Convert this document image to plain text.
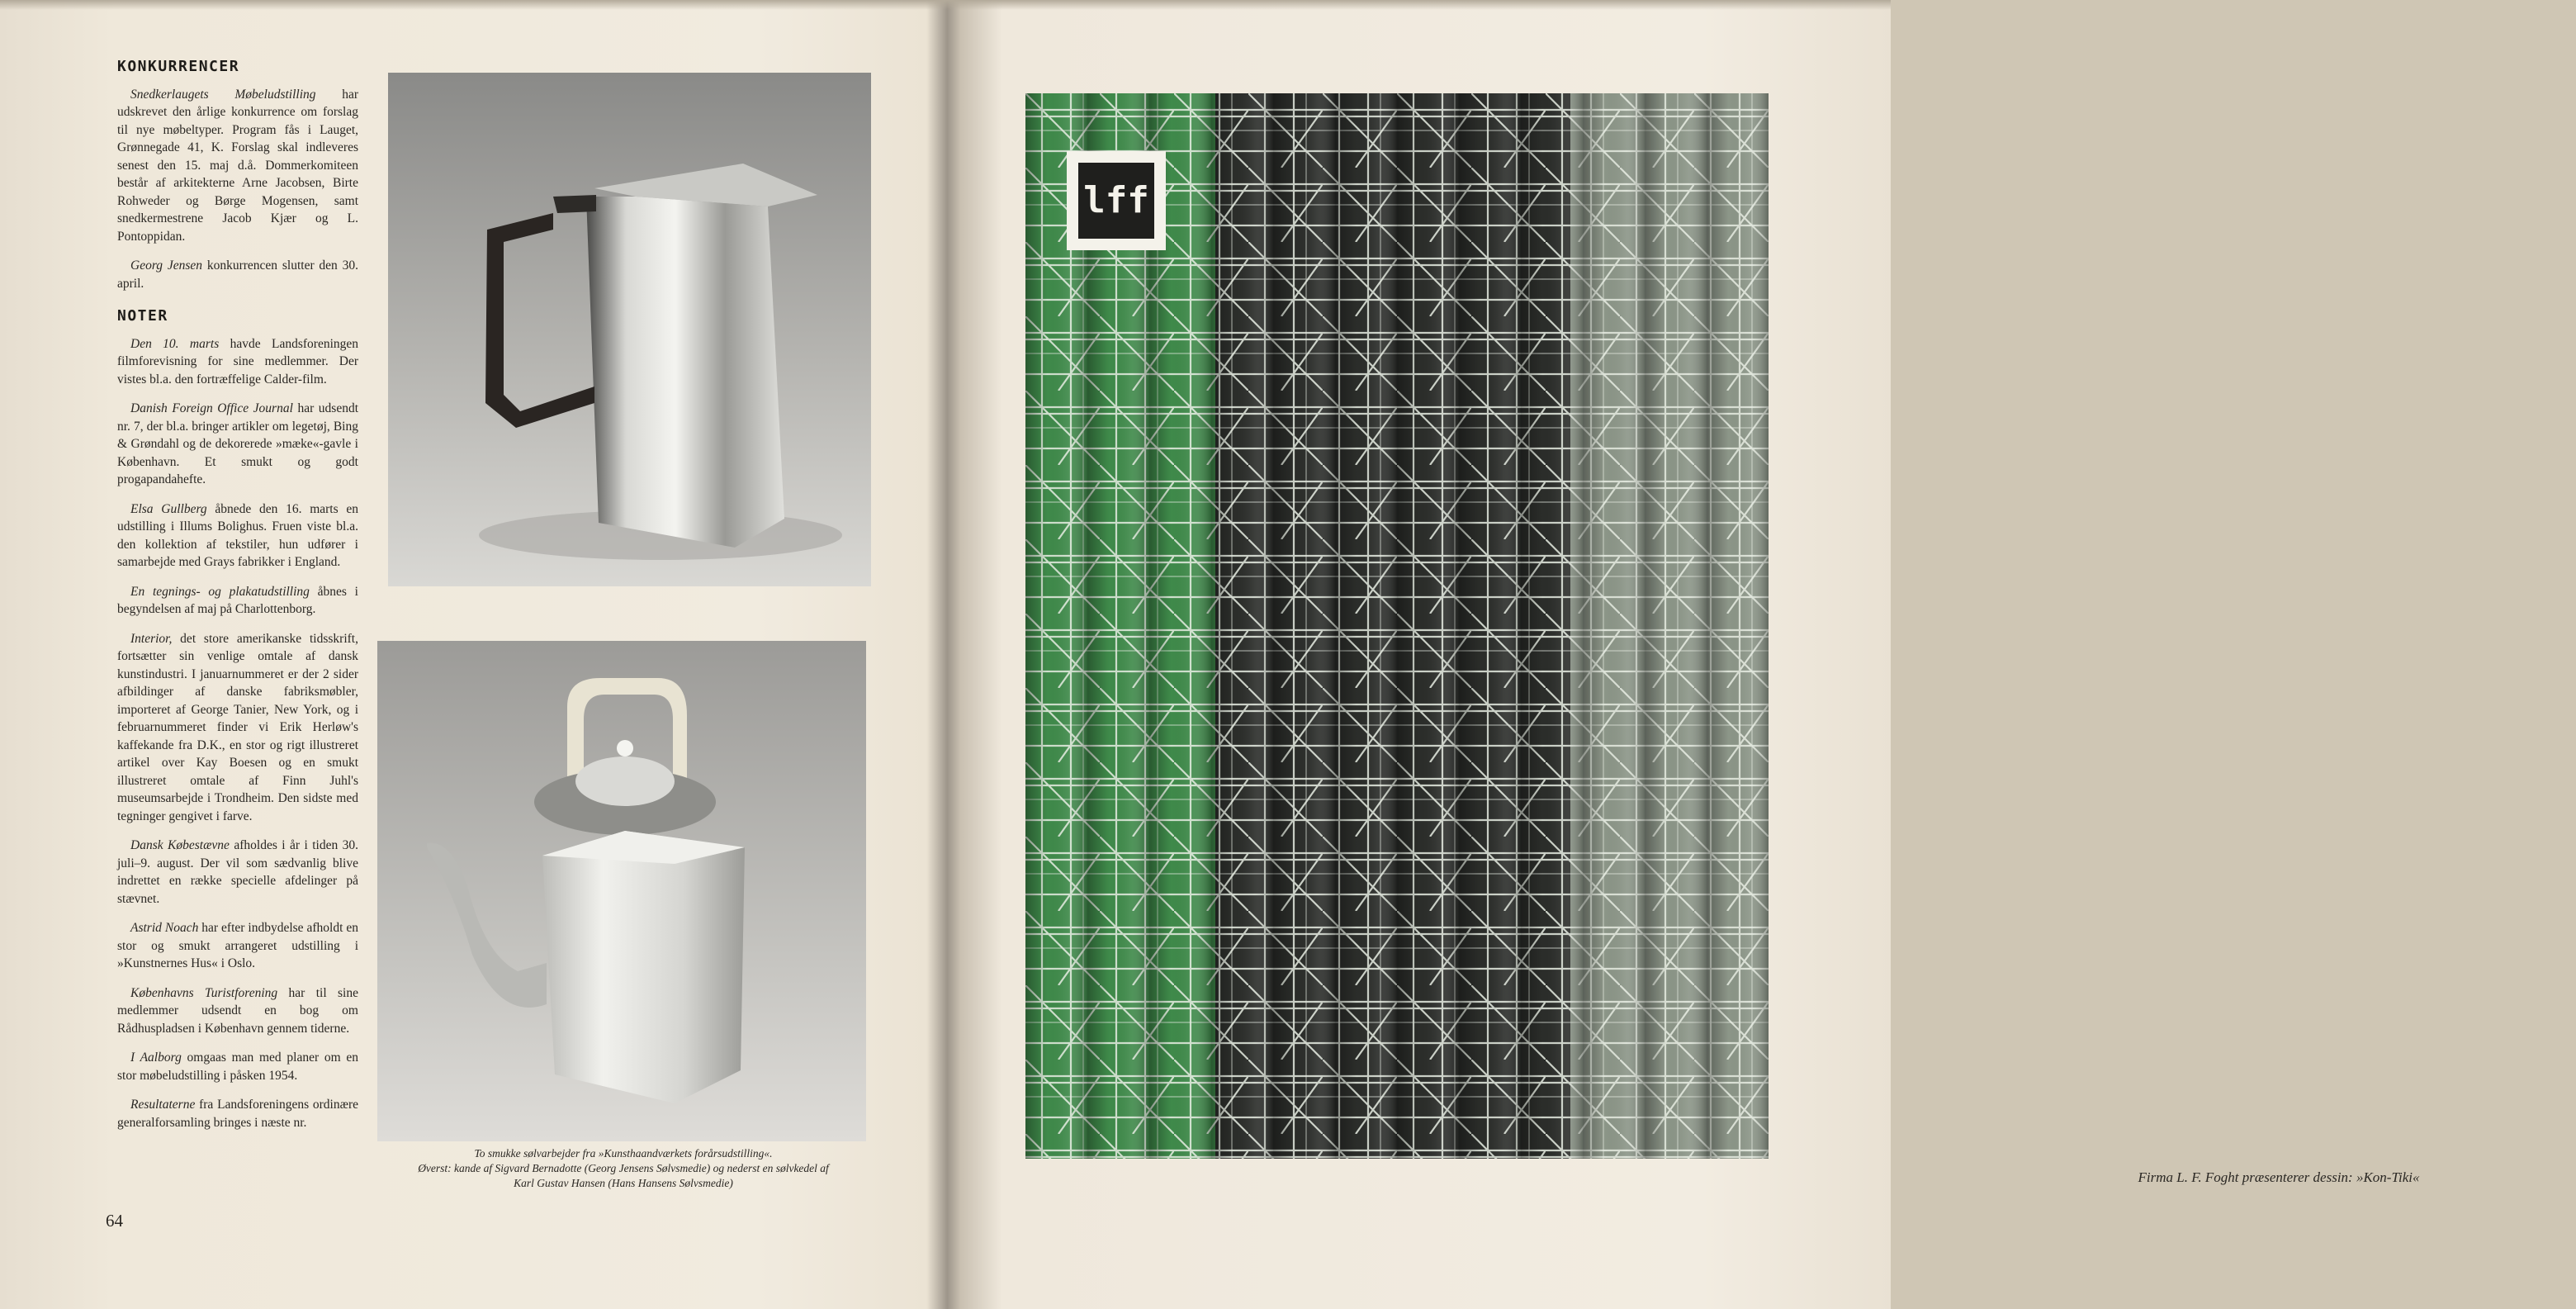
KONKURRENCER

Snedkerlaugets Møbeludstilling har udskrevet den årlige konkurrence om forslag til nye møbeltyper. Program fås i Lauget, Grønnegade 41, K. Forslag skal indleveres senest den 15. maj d.å. Dommerkomiteen består af arkitekterne Arne Jacobsen, Birte Rohweder og Børge Mogensen, samt snedkermestrene Jacob Kjær og L. Pontoppidan.

Georg Jensen konkurrencen slutter den 30. april.

NOTER

Den 10. marts havde Landsforeningen filmforevisning for sine medlemmer. Der vistes bl.a. den fortræffelige Calder-film.

Danish Foreign Office Journal har udsendt nr. 7, der bl.a. bringer artikler om legetøj, Bing & Grøndahl og de dekorerede »mæke«-gavle i København. Et smukt og godt progapandahefte.

Elsa Gullberg åbnede den 16. marts en udstilling i Illums Bolighus. Fruen viste bl.a. den kollektion af tekstiler, hun udfører i samarbejde med Grays fabrikker i England.

En tegnings- og plakatudstilling åbnes i begyndelsen af maj på Charlottenborg.

Interior, det store amerikanske tidsskrift, fortsætter sin venlige omtale af dansk kunstindustri. I januarnummeret er der 2 sider afbildinger af danske fabriksmøbler, importeret af George Tanier, New York, og i februarnummeret finder vi Erik Herløw's kaffekande fra D.K., en stor og rigt illustreret artikel over Kay Boesen og en smukt illustreret omtale af Finn Juhl's museumsarbejde i Trondheim. Den sidste med tegninger gengivet i farve.

Dansk Købestævne afholdes i år i tiden 30. juli–9. august. Der vil som sædvanlig blive indrettet en række specielle afdelinger på stævnet.

Astrid Noach har efter indbydelse afholdt en stor og smukt arrangeret udstilling i »Kunstnernes Hus« i Oslo.

Københavns Turistforening har til sine medlemmer udsendt en bog om Rådhuspladsen i København gennem tiderne.

I Aalborg omgaas man med planer om en stor møbeludstilling i påsken 1954.

Resultaterne fra Landsforeningens ordinære generalforsamling bringes i næste nr.

To smukke sølvarbejder fra »Kunsthaandværkets forårsudstilling«.
Øverst: kande af Sigvard Bernadotte (Georg Jensens Sølvsmedie) og nederst en sølvkedel af
Karl Gustav Hansen (Hans Hansens Sølvsmedie)
64
lff
Firma L. F. Foght præsenterer dessin: »Kon-Tiki«
